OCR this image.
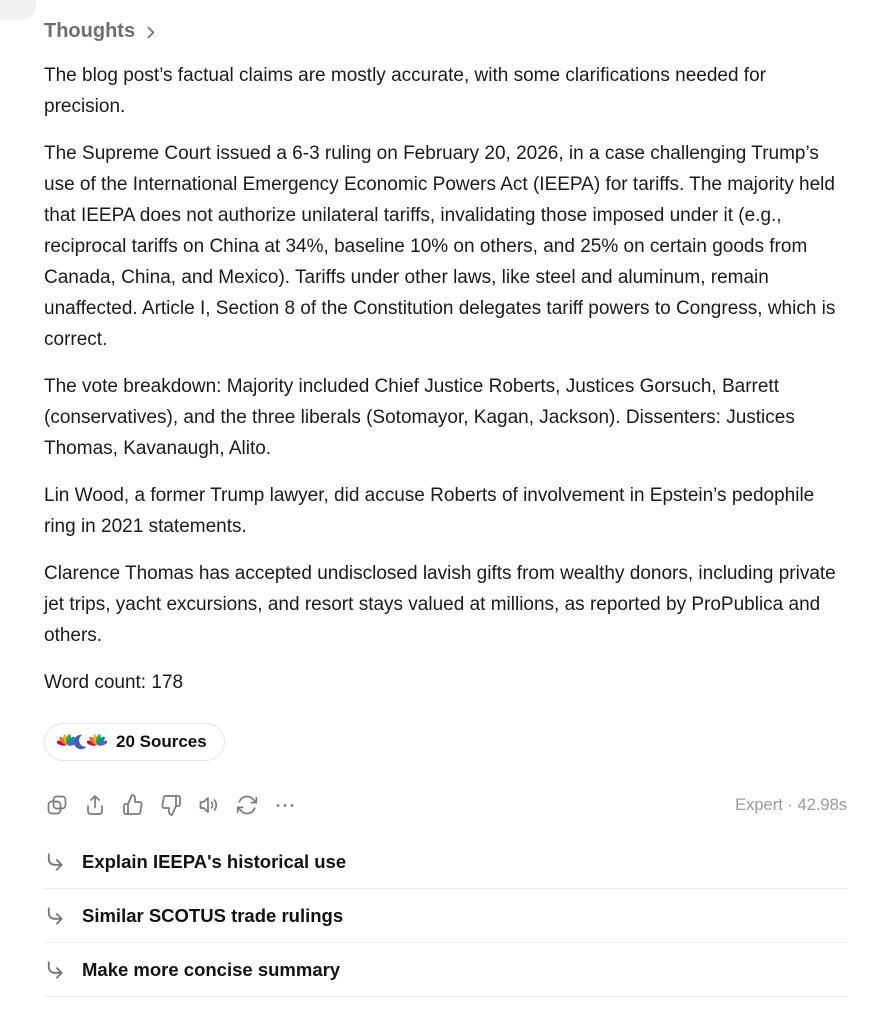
Thoughts

The blog post’s factual claims are mostly accurate, with some clarifications needed for precision.

The Supreme Court issued a 6-3 ruling on February 20, 2026, in a case challenging Trump’s use of the International Emergency Economic Powers Act (IEEPA) for tariffs. The majority held that IEEPA does not authorize unilateral tariffs, invalidating those imposed under it (e.g., reciprocal tariffs on China at 34%, baseline 10% on others, and 25% on certain goods from Canada, China, and Mexico). Tariffs under other laws, like steel and aluminum, remain unaffected. Article I, Section 8 of the Constitution delegates tariff powers to Congress, which is correct.

The vote breakdown: Majority included Chief Justice Roberts, Justices Gorsuch, Barrett (conservatives), and the three liberals (Sotomayor, Kagan, Jackson). Dissenters: Justices Thomas, Kavanaugh, Alito.

Lin Wood, a former Trump lawyer, did accuse Roberts of involvement in Epstein’s pedophile ring in 2021 statements.

Clarence Thomas has accepted undisclosed lavish gifts from wealthy donors, including private jet trips, yacht excursions, and resort stays valued at millions, as reported by ProPublica and others.

Word count: 178

20 Sources
Expert · 42.98s
Explain IEEPA's historical use
Similar SCOTUS trade rulings
Make more concise summary
